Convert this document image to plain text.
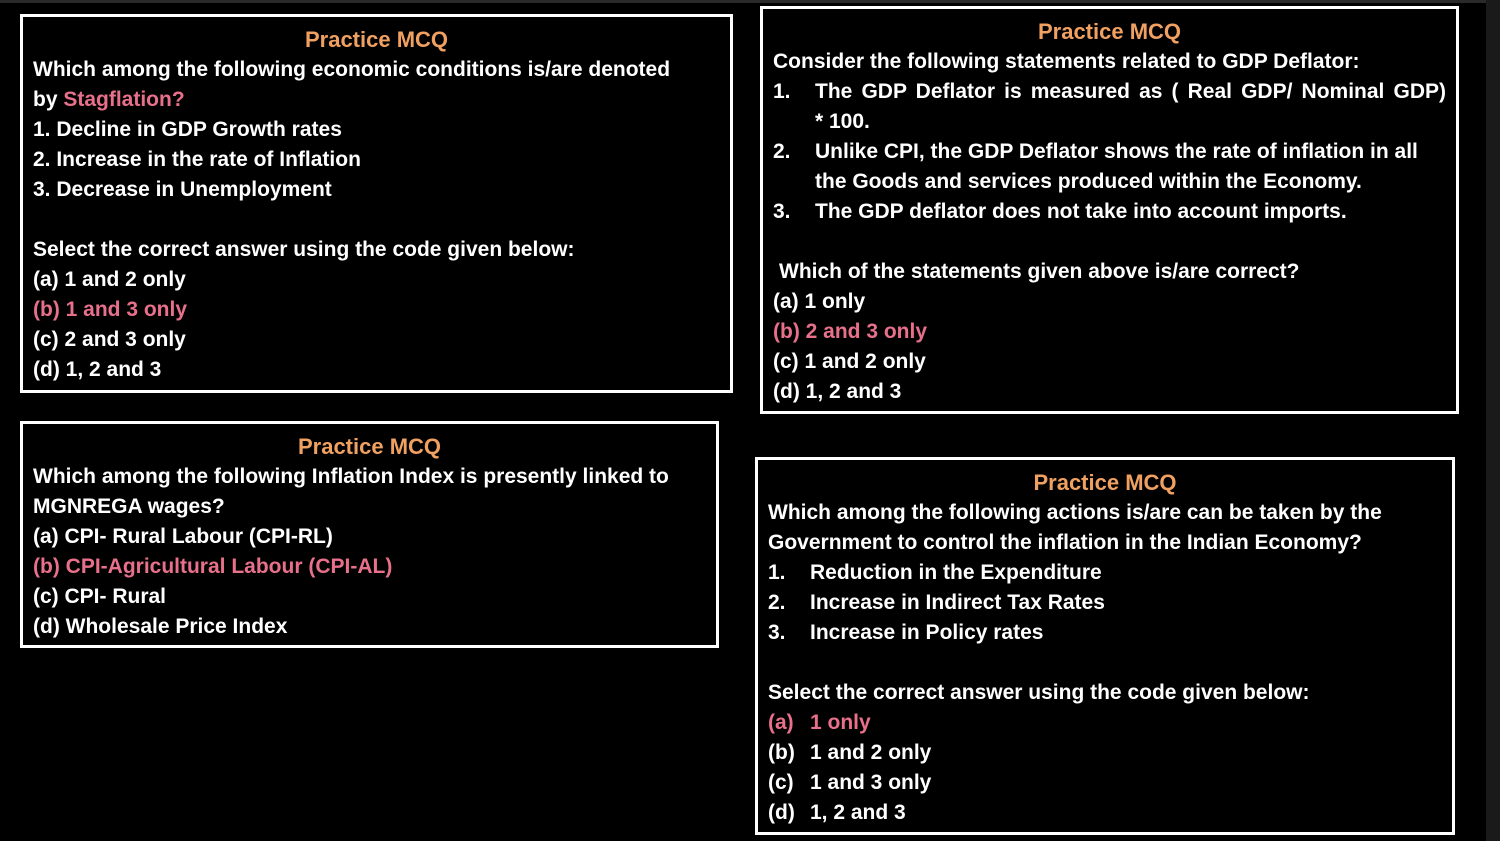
Practice MCQ
Which among the following economic conditions is/are denoted
by Stagflation?
1. Decline in GDP Growth rates
2. Increase in the rate of Inflation
3. Decrease in Unemployment
Select the correct answer using the code given below:
(a) 1 and 2 only
(b) 1 and 3 only
(c) 2 and 3 only
(d) 1, 2 and 3
Practice MCQ
Consider the following statements related to GDP Deflator:
1.	The GDP Deflator is measured as ( Real GDP/ Nominal GDP)
* 100.
2.	Unlike CPI, the GDP Deflator shows the rate of inflation in all
the Goods and services produced within the Economy.
3.	The GDP deflator does not take into account imports.
Which of the statements given above is/are correct?
(a) 1 only
(b) 2 and 3 only
(c) 1 and 2 only
(d) 1, 2 and 3
Practice MCQ
Which among the following Inflation Index is presently linked to
MGNREGA wages?
(a) CPI- Rural Labour (CPI-RL)
(b) CPI-Agricultural Labour (CPI-AL)
(c) CPI- Rural
(d) Wholesale Price Index
Practice MCQ
Which among the following actions is/are can be taken by the
Government to control the inflation in the Indian Economy?
1.	Reduction in the Expenditure
2.	Increase in Indirect Tax Rates
3.	Increase in Policy rates
Select the correct answer using the code given below:
(a) 1 only
(b) 1 and 2 only
(c) 1 and 3 only
(d) 1, 2 and 3
